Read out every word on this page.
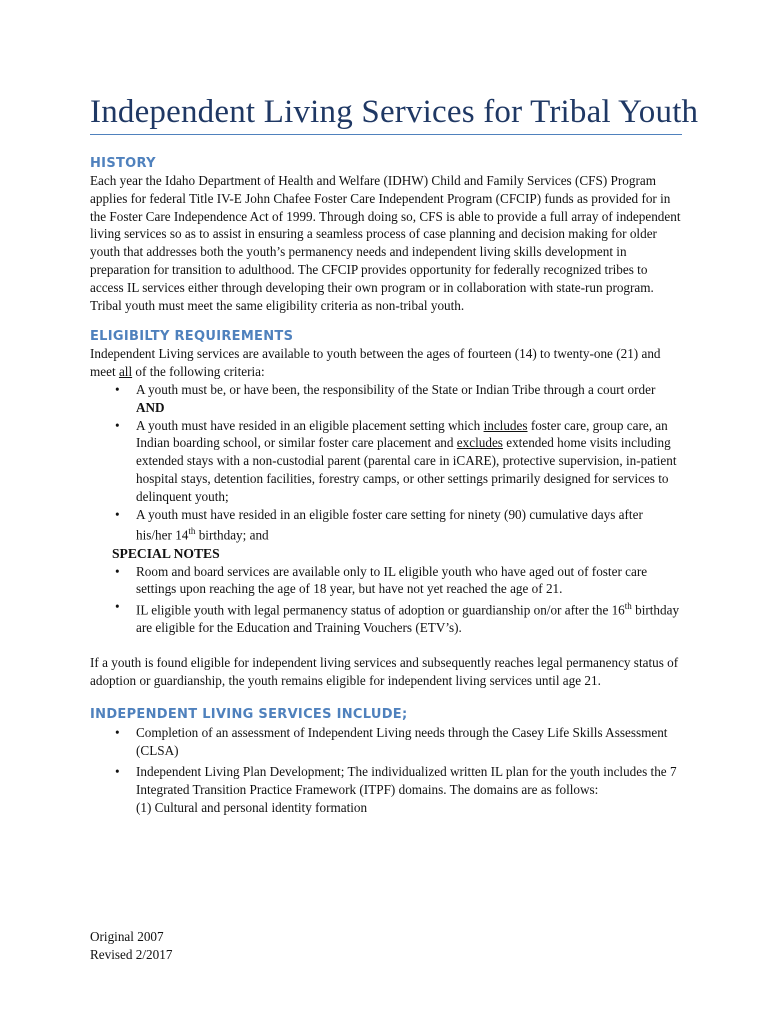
Independent Living Services for Tribal Youth
HISTORY

Each year the Idaho Department of Health and Welfare (IDHW) Child and Family Services (CFS) Program applies for federal Title IV-E John Chafee Foster Care Independent Program (CFCIP) funds as provided for in the Foster Care Independence Act of 1999. Through doing so, CFS is able to provide a full array of independent living services so as to assist in ensuring a seamless process of case planning and decision making for older youth that addresses both the youth’s permanency needs and independent living skills development in preparation for transition to adulthood. The CFCIP provides opportunity for federally recognized tribes to access IL services either through developing their own program or in collaboration with state-run program. Tribal youth must meet the same eligibility criteria as non-tribal youth.

ELIGIBILTY REQUIREMENTS

Independent Living services are available to youth between the ages of fourteen (14) to twenty-one (21) and meet all of the following criteria:

• A youth must be, or have been, the responsibility of the State or Indian Tribe through a court order AND
• A youth must have resided in an eligible placement setting which includes foster care, group care, an Indian boarding school, or similar foster care placement and excludes extended home visits including extended stays with a non-custodial parent (parental care in iCARE), protective supervision, in-patient hospital stays, detention facilities, forestry camps, or other settings primarily designed for services to delinquent youth;
• A youth must have resided in an eligible foster care setting for ninety (90) cumulative days after his/her 14th birthday; and
SPECIAL NOTES
• Room and board services are available only to IL eligible youth who have aged out of foster care settings upon reaching the age of 18 year, but have not yet reached the age of 21.
• IL eligible youth with legal permanency status of adoption or guardianship on/or after the 16th birthday are eligible for the Education and Training Vouchers (ETV’s).

If a youth is found eligible for independent living services and subsequently reaches legal permanency status of adoption or guardianship, the youth remains eligible for independent living services until age 21.

INDEPENDENT LIVING SERVICES INCLUDE;
• Completion of an assessment of Independent Living needs through the Casey Life Skills Assessment (CLSA)
• Independent Living Plan Development; The individualized written IL plan for the youth includes the 7 Integrated Transition Practice Framework (ITPF) domains. The domains are as follows:
(1) Cultural and personal identity formation
Original 2007
Revised 2/2017
